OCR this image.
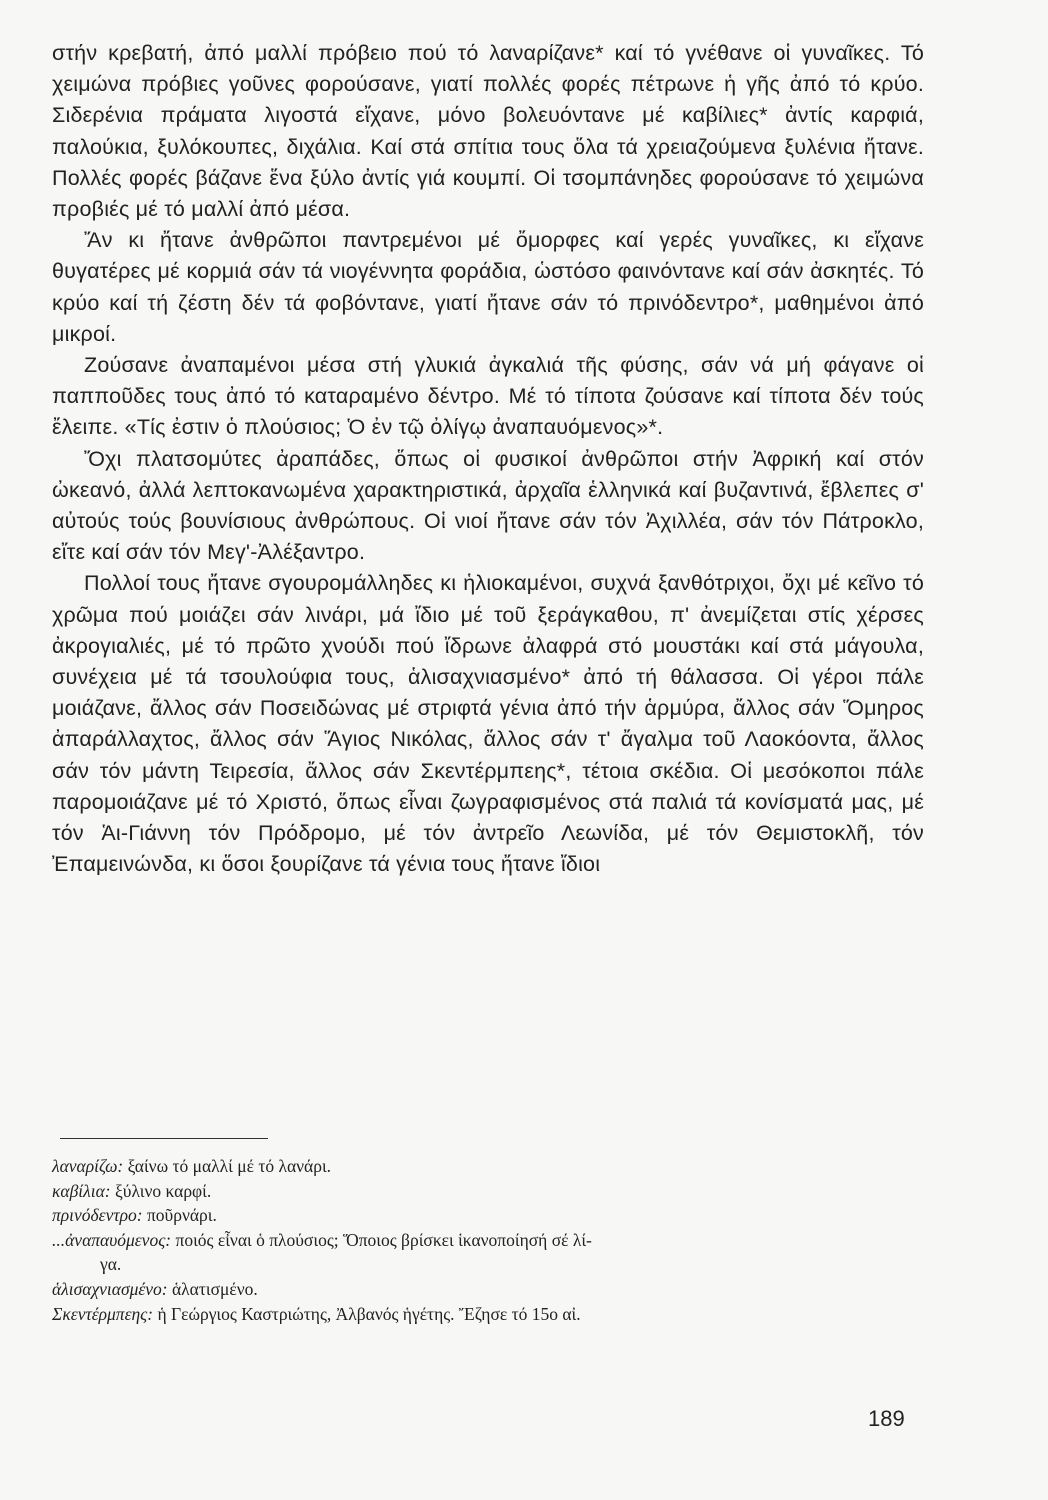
στήν κρεβατή, ἀπό μαλλί πρόβειο πού τό λαναρίζανε* καί τό γνέθανε οἱ γυναῖκες. Τό χειμώνα πρόβιες γοῦνες φορούσανε, γιατί πολλές φορές πέτρωνε ἡ γῆς ἀπό τό κρύο. Σιδερένια πράματα λιγοστά εἴχανε, μόνο βολευόντανε μέ καβίλιες* ἀντίς καρφιά, παλούκια, ξυλόκουπες, διχάλια. Καί στά σπίτια τους ὅλα τά χρειαζούμενα ξυλένια ἤτανε. Πολλές φορές βάζανε ἕνα ξύλο ἀντίς γιά κουμπί. Οἱ τσομπάνηδες φορούσανε τό χειμώνα προβιές μέ τό μαλλί ἀπό μέσα.

Ἄν κι ἤτανε ἀνθρῶποι παντρεμένοι μέ ὄμορφες καί γερές γυναῖκες, κι εἴχανε θυγατέρες μέ κορμιά σάν τά νιογέννητα φοράδια, ὡστόσο φαινόντανε καί σάν ἀσκητές. Τό κρύο καί τή ζέστη δέν τά φοβόντανε, γιατί ἤτανε σάν τό πρινόδεντρο*, μαθημένοι ἀπό μικροί.

Ζούσανε ἀναπαμένοι μέσα στή γλυκιά ἀγκαλιά τῆς φύσης, σάν νά μή φάγανε οἱ παπποῦδες τους ἀπό τό καταραμένο δέντρο. Μέ τό τίποτα ζούσανε καί τίποτα δέν τούς ἔλειπε. «Τίς ἐστιν ὁ πλούσιος; Ὁ ἐν τῷ ὀλίγῳ ἀναπαυόμενος»*.

Ὄχι πλατσομύτες ἀραπάδες, ὅπως οἱ φυσικοί ἀνθρῶποι στήν Ἀφρική καί στόν ὠκεανό, ἀλλά λεπτοκανωμένα χαρακτηριστικά, ἀρχαῖα ἑλληνικά καί βυζαντινά, ἔβλεπες σ' αὐτούς τούς βουνίσιους ἀνθρώπους. Οἱ νιοί ἤτανε σάν τόν Ἀχιλλέα, σάν τόν Πάτροκλο, εἴτε καί σάν τόν Μεγ'-Ἀλέξαντρο.

Πολλοί τους ἤτανε σγουρομάλληδες κι ἡλιοκαμένοι, συχνά ξανθότριχοι, ὄχι μέ κεῖνο τό χρῶμα πού μοιάζει σάν λινάρι, μά ἴδιο μέ τοῦ ξεράγκαθου, π' ἀνεμίζεται στίς χέρσες ἀκρογιαλιές, μέ τό πρῶτο χνούδι πού ἴδρωνε ἀλαφρά στό μουστάκι καί στά μάγουλα, συνέχεια μέ τά τσουλούφια τους, ἁλισαχνιασμένο* ἀπό τή θάλασσα. Οἱ γέροι πάλε μοιάζανε, ἄλλος σάν Ποσειδώνας μέ στριφτά γένια ἀπό τήν ἁρμύρα, ἄλλος σάν Ὅμηρος ἀπαράλλαχτος, ἄλλος σάν Ἅγιος Νικόλας, ἄλλος σάν τ' ἄγαλμα τοῦ Λαοκόοντα, ἄλλος σάν τόν μάντη Τειρεσία, ἄλλος σάν Σκεντέρμπεης*, τέτοια σκέδια. Οἱ μεσόκοποι πάλε παρομοιάζανε μέ τό Χριστό, ὅπως εἶναι ζωγραφισμένος στά παλιά τά κονίσματά μας, μέ τόν Ἁι-Γιάννη τόν Πρόδρομο, μέ τόν ἀντρεῖο Λεωνίδα, μέ τόν Θεμιστοκλῆ, τόν Ἐπαμεινώνδα, κι ὅσοι ξουρίζανε τά γένια τους ἤτανε ἴδιοι

λαναρίζω: ξαίνω τό μαλλί μέ τό λανάρι.

καβίλια: ξύλινο καρφί.

πρινόδεντρο: ποῦρνάρι.

...ἀναπαυόμενος: ποιός εἶναι ὁ πλούσιος; Ὅποιος βρίσκει ἱκανοποίησή σέ λί-
γα.

ἁλισαχνιασμένο: ἁλατισμένο.

Σκεντέρμπεης: ἡ Γεώργιος Καστριώτης, Ἀλβανός ἡγέτης. Ἔζησε τό 15ο αἰ.

189
